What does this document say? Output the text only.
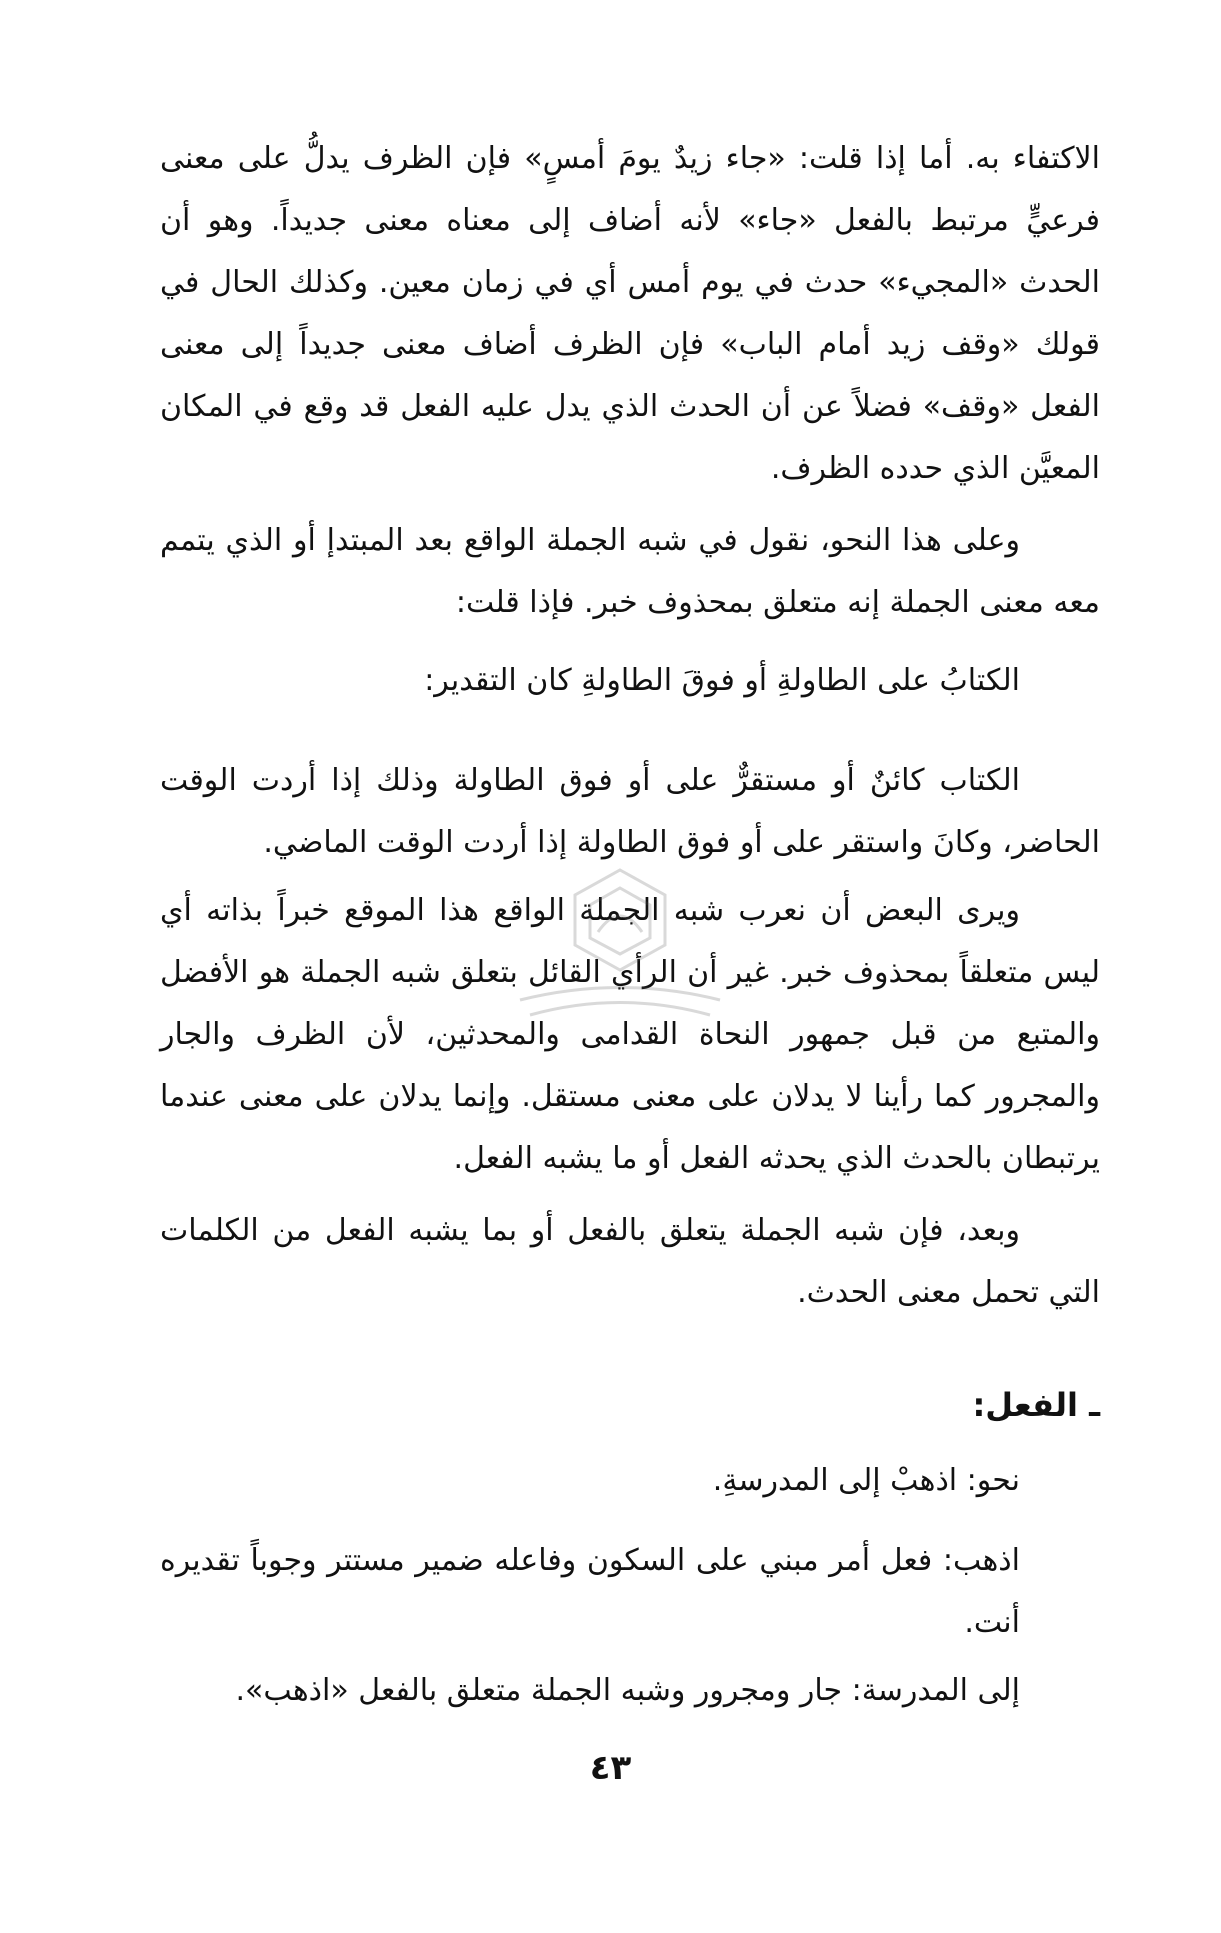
الاكتفاء به. أما إذا قلت: «جاء زيدٌ يومَ أمسٍ» فإن الظرف يدلُّ على معنى فرعيٍّ مرتبط بالفعل «جاء» لأنه أضاف إلى معناه معنى جديداً. وهو أن الحدث «المجيء» حدث في يوم أمس أي في زمان معين. وكذلك الحال في قولك «وقف زيد أمام الباب» فإن الظرف أضاف معنى جديداً إلى معنى الفعل «وقف» فضلاً عن أن الحدث الذي يدل عليه الفعل قد وقع في المكان المعيَّن الذي حدده الظرف.

وعلى هذا النحو، نقول في شبه الجملة الواقع بعد المبتدإ أو الذي يتمم معه معنى الجملة إنه متعلق بمحذوف خبر. فإذا قلت:

الكتابُ على الطاولةِ أو فوقَ الطاولةِ كان التقدير:

الكتاب كائنٌ أو مستقرٌّ على أو فوق الطاولة وذلك إذا أردت الوقت الحاضر، وكانَ واستقر على أو فوق الطاولة إذا أردت الوقت الماضي.

ويرى البعض أن نعرب شبه الجملة الواقع هذا الموقع خبراً بذاته أي ليس متعلقاً بمحذوف خبر. غير أن الرأي القائل بتعلق شبه الجملة هو الأفضل والمتبع من قبل جمهور النحاة القدامى والمحدثين، لأن الظرف والجار والمجرور كما رأينا لا يدلان على معنى مستقل. وإنما يدلان على معنى عندما يرتبطان بالحدث الذي يحدثه الفعل أو ما يشبه الفعل.

وبعد، فإن شبه الجملة يتعلق بالفعل أو بما يشبه الفعل من الكلمات التي تحمل معنى الحدث.

ـ الفعل:
نحو: اذهبْ إلى المدرسةِ.
اذهب: فعل أمر مبني على السكون وفاعله ضمير مستتر وجوباً تقديره أنت.
إلى المدرسة: جار ومجرور وشبه الجملة متعلق بالفعل «اذهب».
٤٣
